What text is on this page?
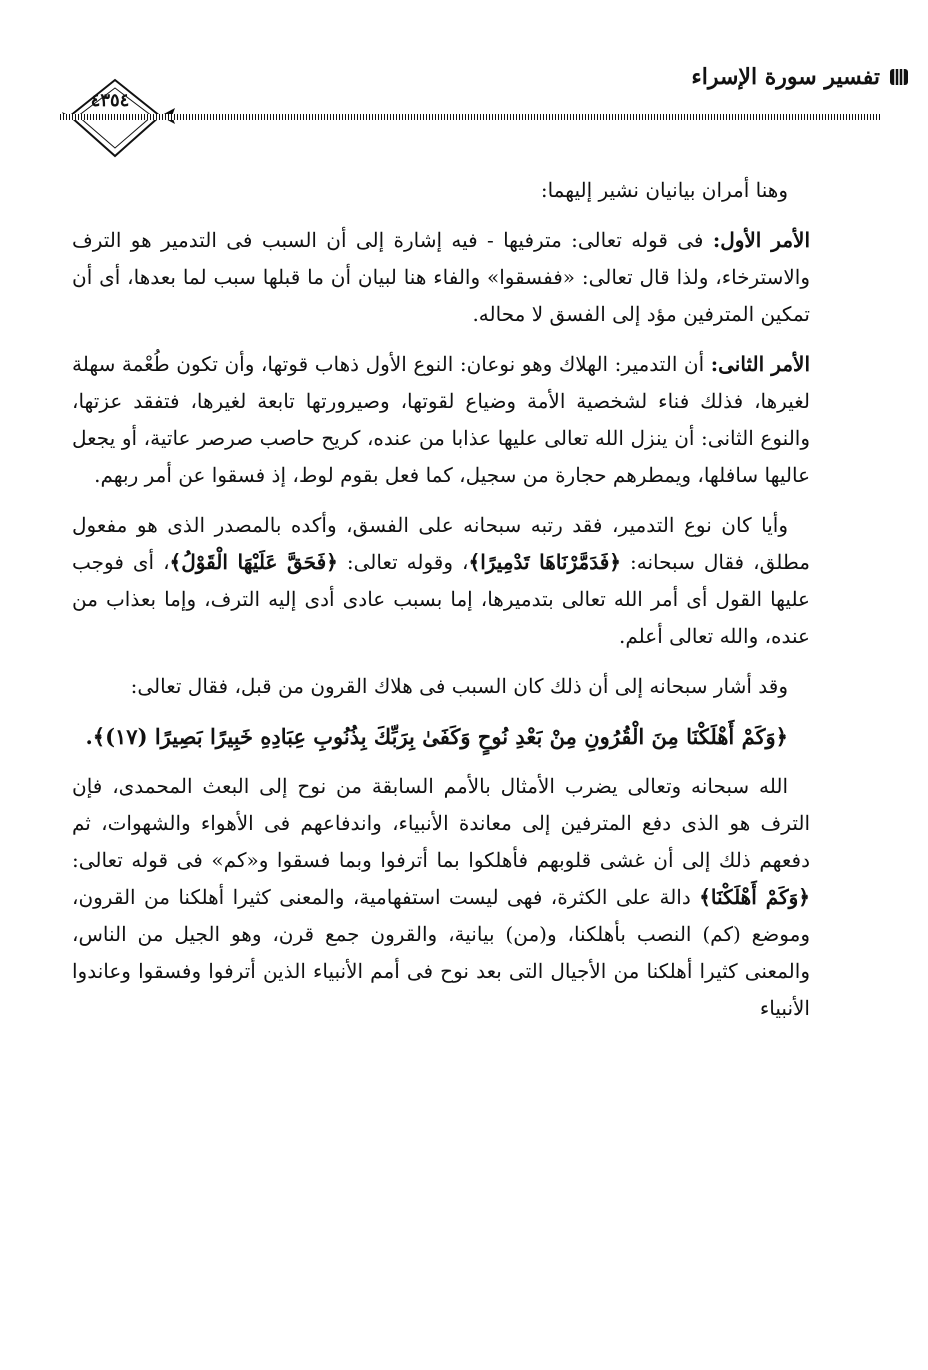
٤٣٥٤
تفسير سورة الإسراء

وهنا أمران بيانيان نشير إليهما:

الأمر الأول: فى قوله تعالى: مترفيها - فيه إشارة إلى أن السبب فى التدمير هو الترف والاسترخاء، ولذا قال تعالى: «ففسقوا» والفاء هنا لبيان أن ما قبلها سبب لما بعدها، أى أن تمكين المترفين مؤد إلى الفسق لا محاله.

الأمر الثانى: أن التدمير: الهلاك وهو نوعان: النوع الأول ذهاب قوتها، وأن تكون طُعْمة سهلة لغيرها، فذلك فناء لشخصية الأمة وضياع لقوتها، وصيرورتها تابعة لغيرها، فتفقد عزتها، والنوع الثانى: أن ينزل الله تعالى عليها عذابا من عنده، كريح حاصب صرصر عاتية، أو يجعل عاليها سافلها، ويمطرهم حجارة من سجيل، كما فعل بقوم لوط، إذ فسقوا عن أمر ربهم.

وأيا كان نوع التدمير، فقد رتبه سبحانه على الفسق، وأكده بالمصدر الذى هو مفعول مطلق، فقال سبحانه: ﴿فَدَمَّرْنَاهَا تَدْمِيرًا﴾، وقوله تعالى: ﴿فَحَقَّ عَلَيْهَا الْقَوْلُ﴾، أى فوجب عليها القول أى أمر الله تعالى بتدميرها، إما بسبب عادى أدى إليه الترف، وإما بعذاب من عنده، والله تعالى أعلم.

وقد أشار سبحانه إلى أن ذلك كان السبب فى هلاك القرون من قبل، فقال تعالى:

﴿وَكَمْ أَهْلَكْنَا مِنَ الْقُرُونِ مِنْ بَعْدِ نُوحٍ وَكَفَىٰ بِرَبِّكَ بِذُنُوبِ عِبَادِهِ خَبِيرًا بَصِيرًا (١٧)﴾.

الله سبحانه وتعالى يضرب الأمثال بالأمم السابقة من نوح إلى البعث المحمدى، فإن الترف هو الذى دفع المترفين إلى معاندة الأنبياء، واندفاعهم فى الأهواء والشهوات، ثم دفعهم ذلك إلى أن غشى قلوبهم فأهلكوا بما أترفوا وبما فسقوا و«كم» فى قوله تعالى: ﴿وَكَمْ أَهْلَكْنَا﴾ دالة على الكثرة، فهى ليست استفهامية، والمعنى كثيرا أهلكنا من القرون، وموضع (كم) النصب بأهلكنا، و(من) بيانية، والقرون جمع قرن، وهو الجيل من الناس، والمعنى كثيرا أهلكنا من الأجيال التى بعد نوح فى أمم الأنبياء الذين أترفوا وفسقوا وعاندوا الأنبياء
